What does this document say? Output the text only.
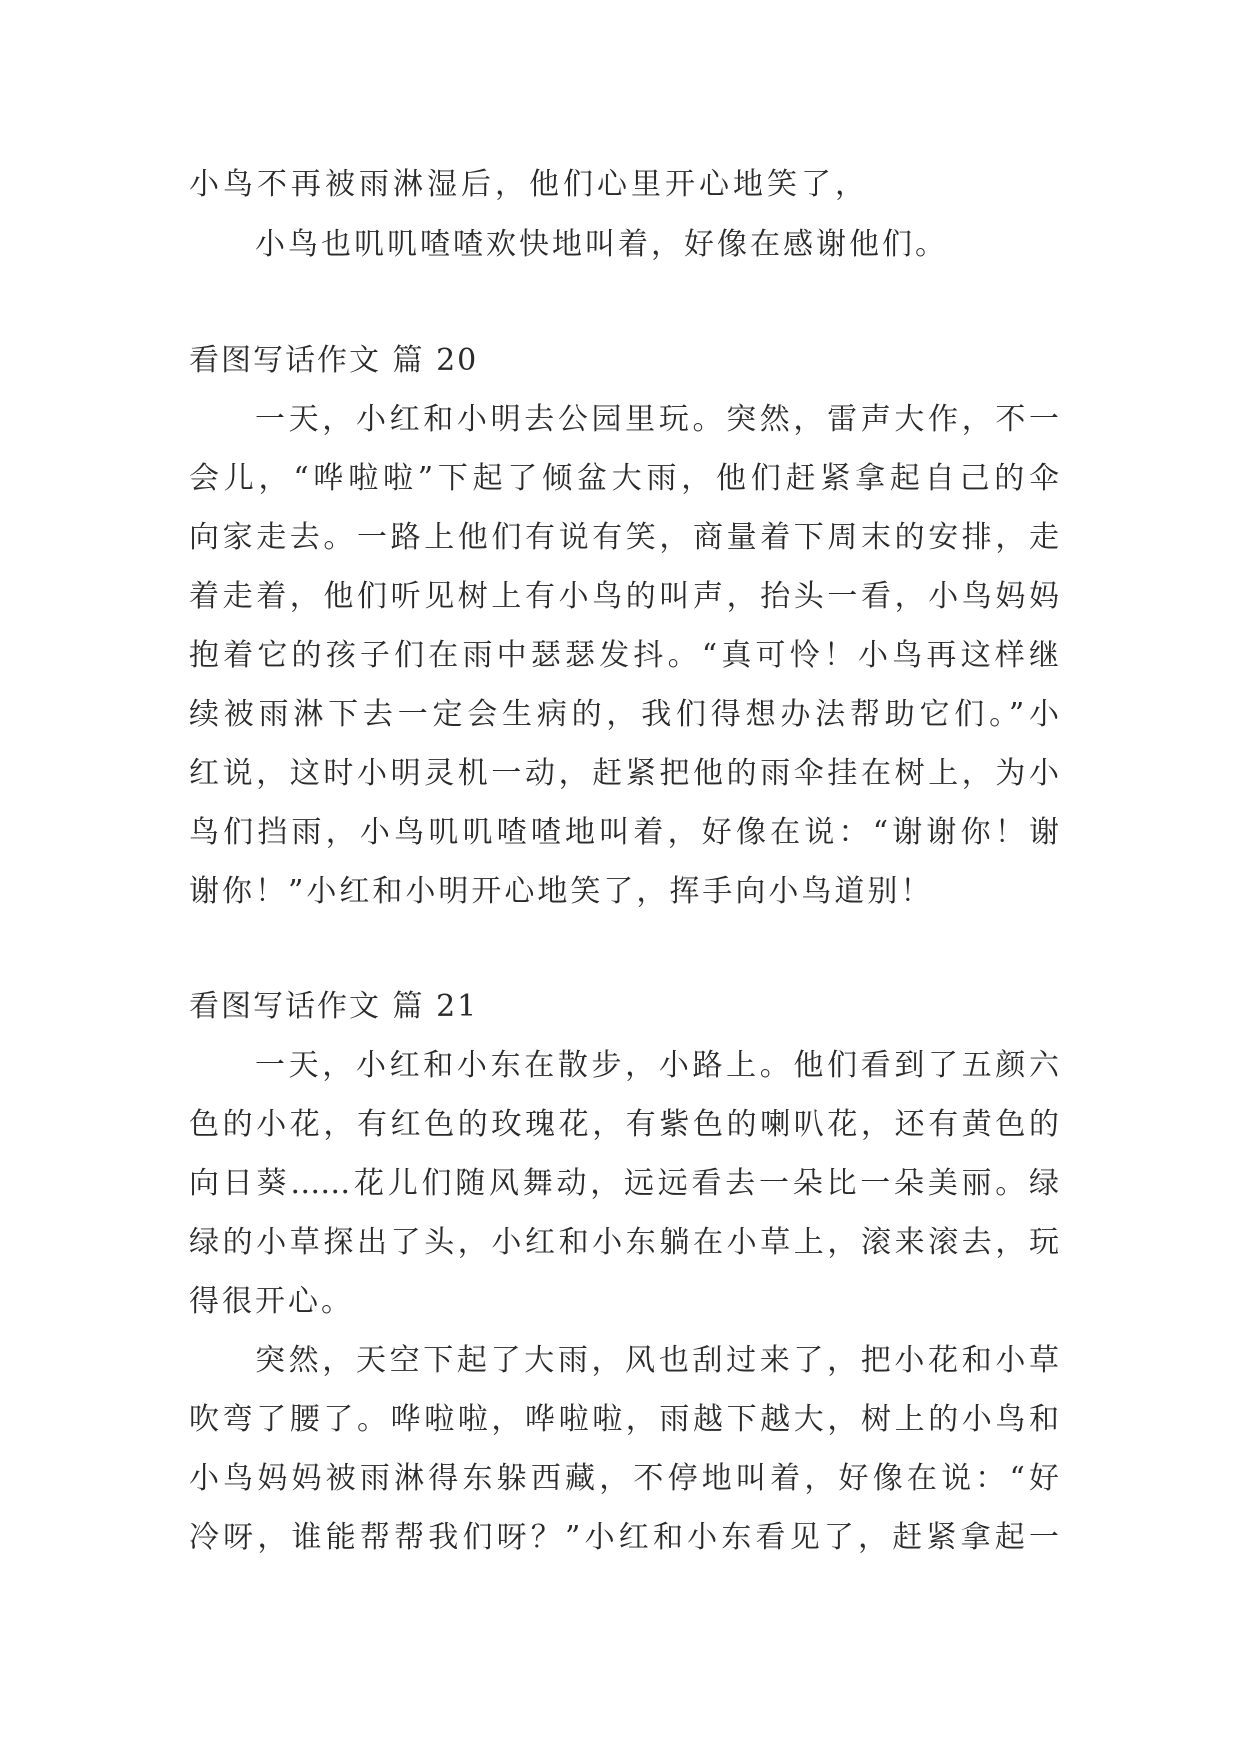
小鸟不再被雨淋湿后，他们心里开心地笑了，
小鸟也叽叽喳喳欢快地叫着，好像在感谢他们。
看图写话作文 篇 20
一天，小红和小明去公园里玩。突然，雷声大作，不一
会儿，“哗啦啦”下起了倾盆大雨，他们赶紧拿起自己的伞
向家走去。一路上他们有说有笑，商量着下周末的安排，走
着走着，他们听见树上有小鸟的叫声，抬头一看，小鸟妈妈
抱着它的孩子们在雨中瑟瑟发抖。“真可怜！小鸟再这样继
续被雨淋下去一定会生病的，我们得想办法帮助它们。”小
红说，这时小明灵机一动，赶紧把他的雨伞挂在树上，为小
鸟们挡雨，小鸟叽叽喳喳地叫着，好像在说：“谢谢你！谢
谢你！”小红和小明开心地笑了，挥手向小鸟道别！
看图写话作文 篇 21
一天，小红和小东在散步，小路上。他们看到了五颜六
色的小花，有红色的玫瑰花，有紫色的喇叭花，还有黄色的
向日葵……花儿们随风舞动，远远看去一朵比一朵美丽。绿
绿的小草探出了头，小红和小东躺在小草上，滚来滚去，玩
得很开心。
突然，天空下起了大雨，风也刮过来了，把小花和小草
吹弯了腰了。哗啦啦，哗啦啦，雨越下越大，树上的小鸟和
小鸟妈妈被雨淋得东躲西藏，不停地叫着，好像在说：“好
冷呀，谁能帮帮我们呀？”小红和小东看见了，赶紧拿起一
